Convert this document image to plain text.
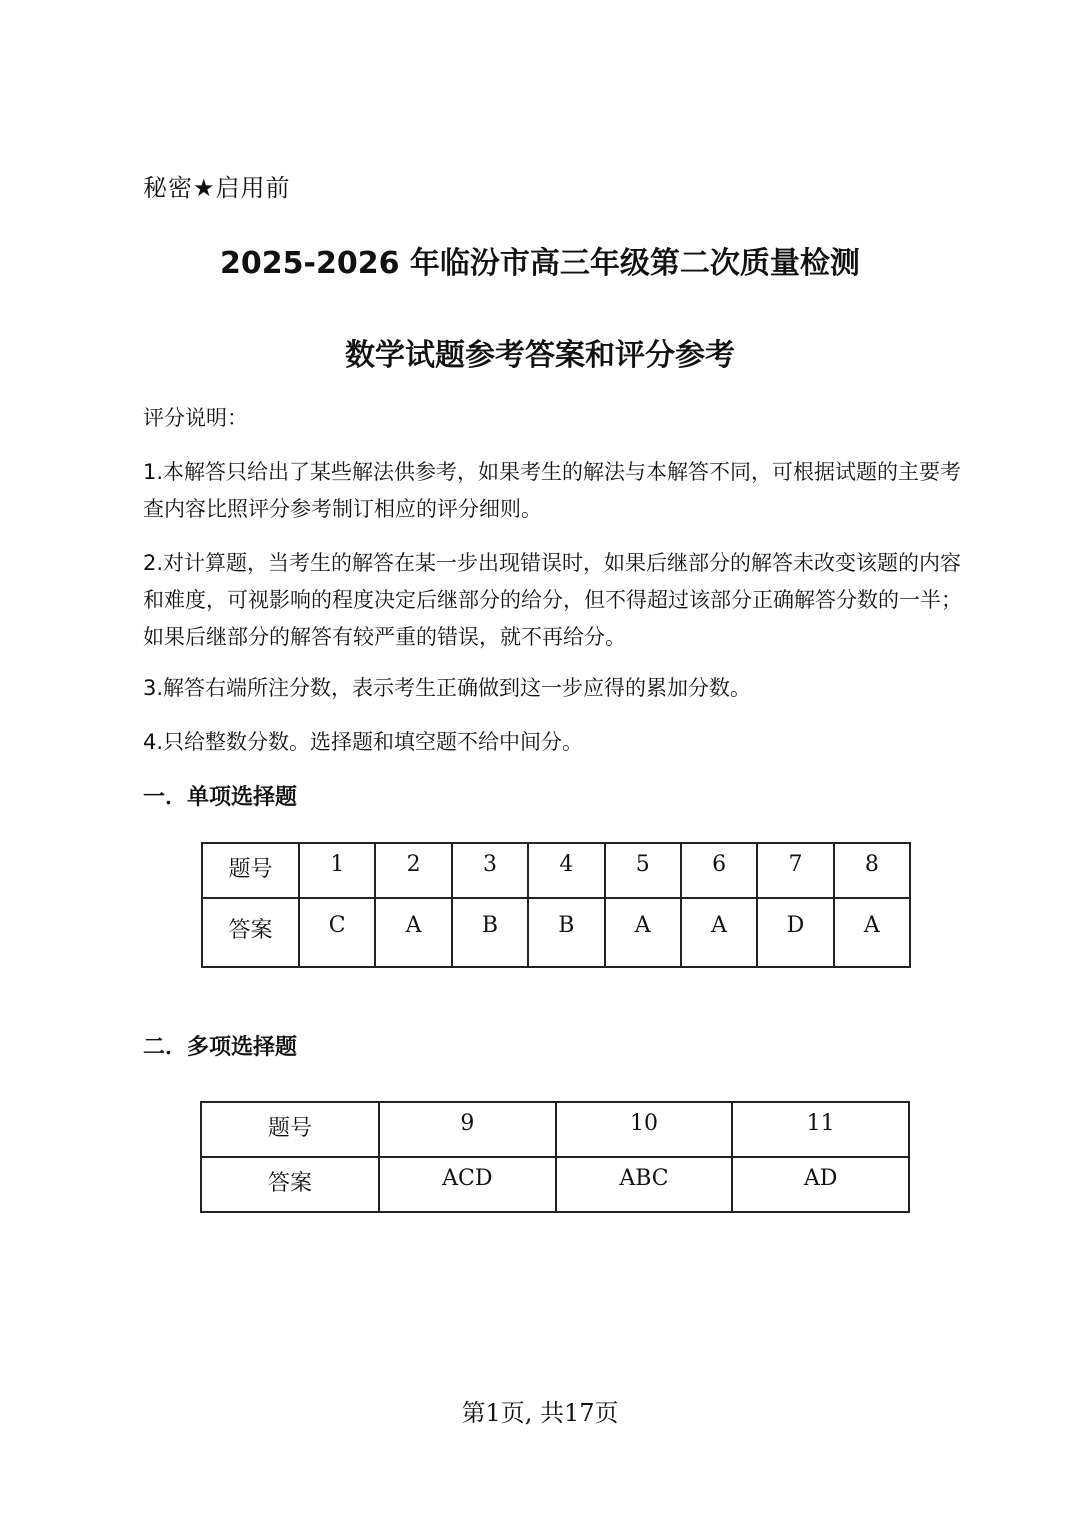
秘密★启用前
2025-2026 年临汾市高三年级第二次质量检测
数学试题参考答案和评分参考
评分说明：
1.本解答只给出了某些解法供参考，如果考生的解法与本解答不同，可根据试题的主要考查内容比照评分参考制订相应的评分细则。
2.对计算题，当考生的解答在某一步出现错误时，如果后继部分的解答未改变该题的内容和难度，可视影响的程度决定后继部分的给分，但不得超过该部分正确解答分数的一半；如果后继部分的解答有较严重的错误，就不再给分。
3.解答右端所注分数，表示考生正确做到这一步应得的累加分数。
4.只给整数分数。选择题和填空题不给中间分。
一．单项选择题
题号	1	2	3	4	5	6	7	8

答案	C	A	B	B	A	A	D	A
二．多项选择题
题号	9	10	11

答案	ACD	ABC	AD
第1页, 共17页
